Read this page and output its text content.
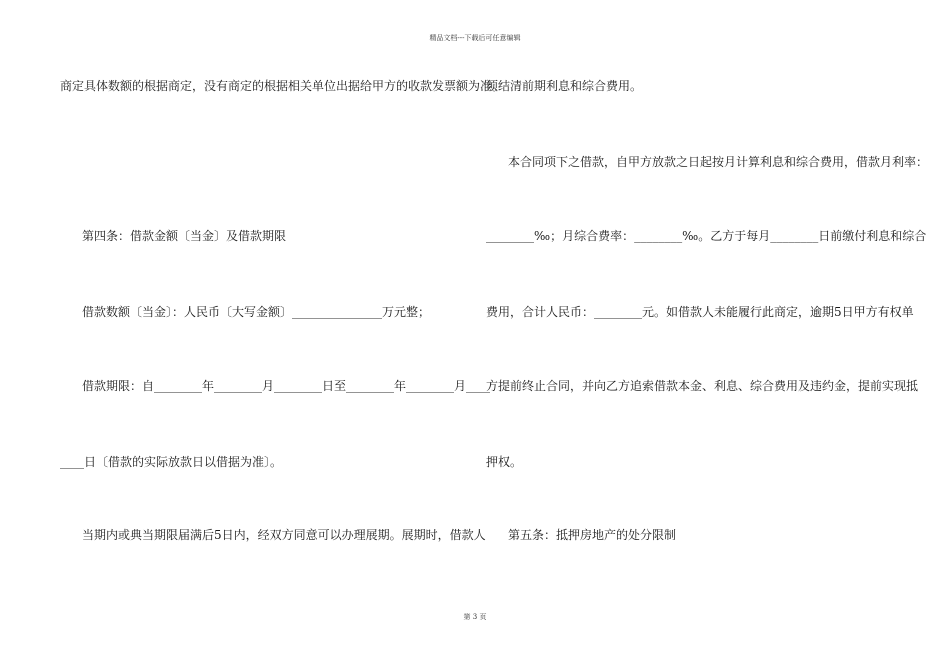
精品文档---下载后可任意编辑
商定具体数额的根据商定，没有商定的根据相关单位出据给甲方的收款发票额为准。
第四条：借款金额〔当金〕及借款期限
借款数额〔当金〕：人民币〔大写金额〕_______________万元整；
借款期限：自________年________月________日至________年________月____
____日〔借款的实际放款日以借据为准〕。
当期内或典当期限届满后5日内，经双方同意可以办理展期。展期时，借款人
须结清前期利息和综合费用。
本合同项下之借款，自甲方放款之日起按月计算利息和综合费用，借款月利率：
________‰；月综合费率：________‰。乙方于每月________日前缴付利息和综合
费用，合计人民币：________元。如借款人未能履行此商定，逾期5日甲方有权单
方提前终止合同，并向乙方追索借款本金、利息、综合费用及违约金，提前实现抵
押权。
第五条：抵押房地产的处分限制
第 3 页
